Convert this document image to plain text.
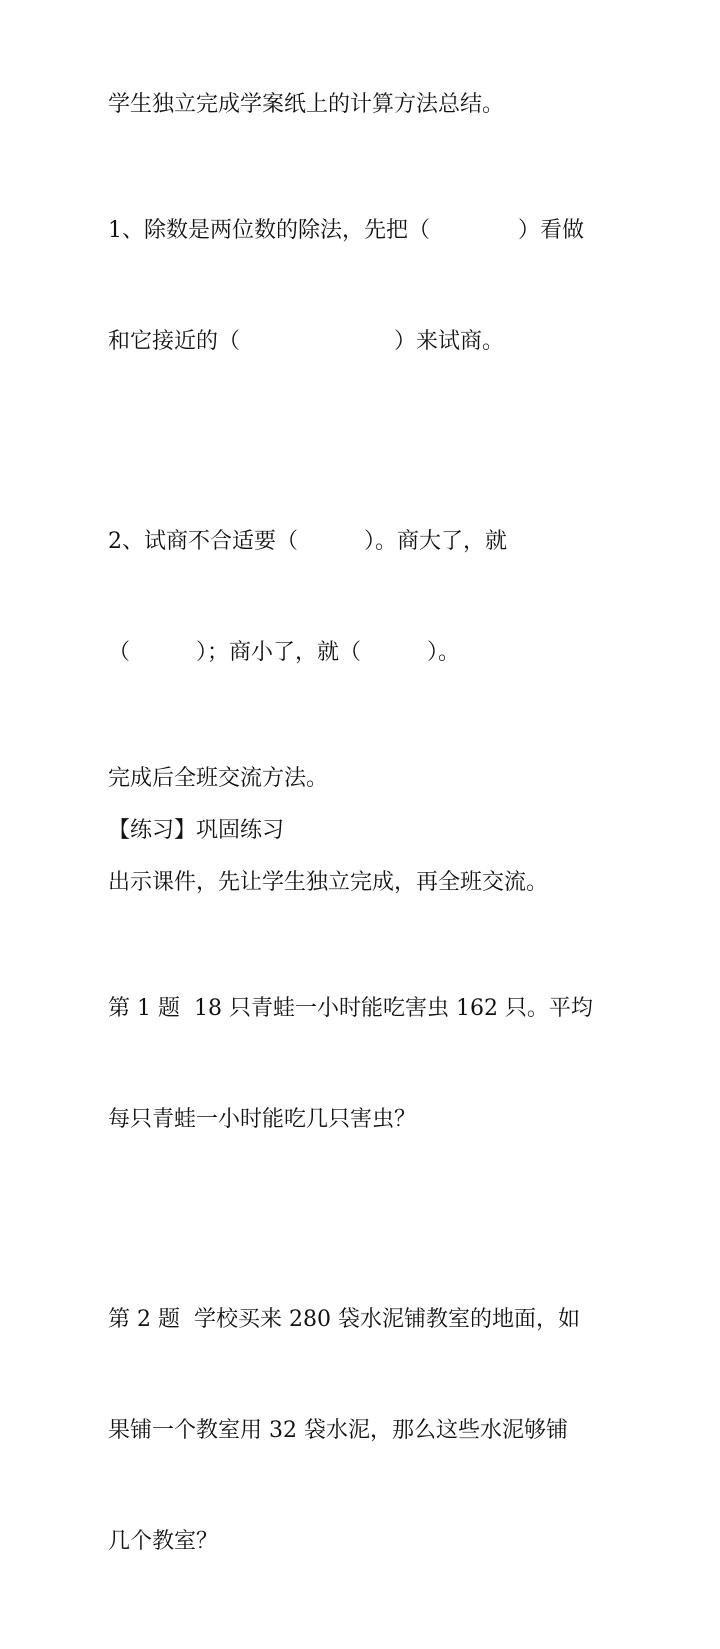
学生独立完成学案纸上的计算方法总结。

1、除数是两位数的除法，先把（　　　　）看做

和它接近的（　　　　　　　）来试商。

2、试商不合适要（　　　）。商大了，就

（　　　）；商小了，就（　　　）。

完成后全班交流方法。

【练习】巩固练习

出示课件，先让学生独立完成，再全班交流。

第 1 题  18 只青蛙一小时能吃害虫 162 只。平均

每只青蛙一小时能吃几只害虫？

第 2 题  学校买来 280 袋水泥铺教室的地面，如

果铺一个教室用 32 袋水泥，那么这些水泥够铺

几个教室？
